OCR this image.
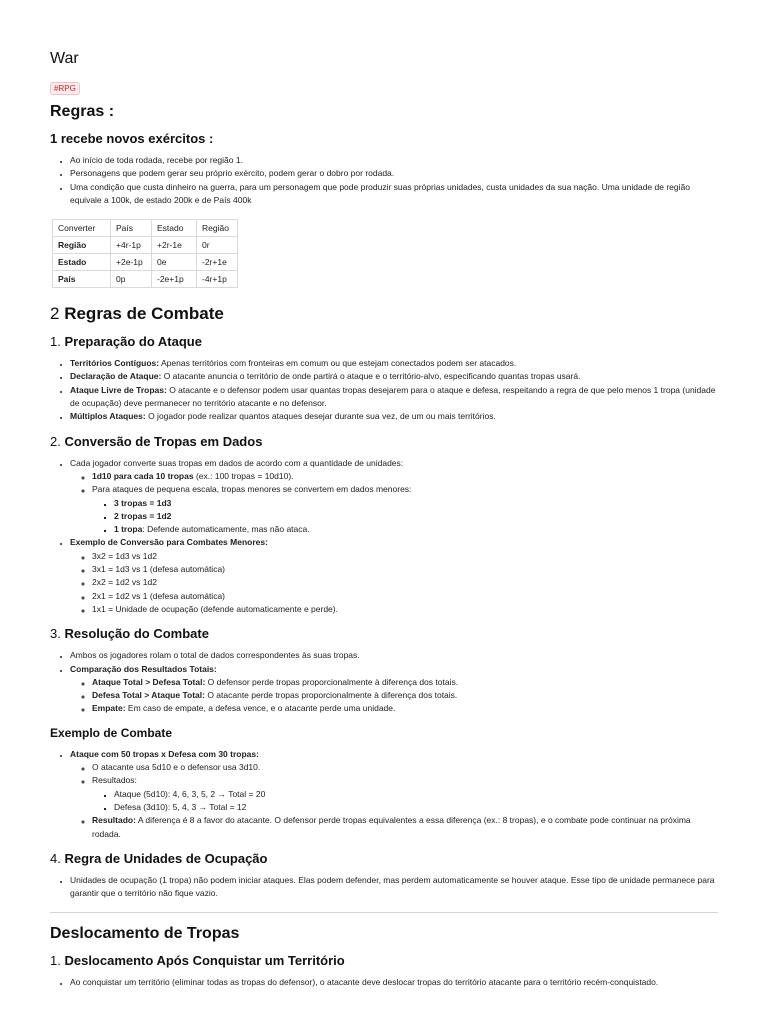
War
#RPG
Regras :
1 recebe novos exércitos :
• Ao início de toda rodada, recebe por região 1.
• Personagens que podem gerar seu próprio exército, podem gerar o dobro por rodada.
• Uma condição que custa dinheiro na guerra, para um personagem que pode produzir suas próprias unidades, custa unidades da sua nação. Uma unidade de região equivale a 100k, de estado 200k e de País 400k
Converter	País	Estado	Região
Região	+4r-1p	+2r-1e	0r
Estado	+2e-1p	0e	-2r+1e
País	0p	-2e+1p	-4r+1p
2 Regras de Combate
1. Preparação do Ataque
• Territórios Contíguos: Apenas territórios com fronteiras em comum ou que estejam conectados podem ser atacados.
• Declaração de Ataque: O atacante anuncia o território de onde partirá o ataque e o território-alvo, especificando quantas tropas usará.
• Ataque Livre de Tropas: O atacante e o defensor podem usar quantas tropas desejarem para o ataque e defesa, respeitando a regra de que pelo menos 1 tropa (unidade de ocupação) deve permanecer no território atacante e no defensor.
• Múltiplos Ataques: O jogador pode realizar quantos ataques desejar durante sua vez, de um ou mais territórios.
2. Conversão de Tropas em Dados
• Cada jogador converte suas tropas em dados de acordo com a quantidade de unidades:
◦ 1d10 para cada 10 tropas (ex.: 100 tropas = 10d10).
◦ Para ataques de pequena escala, tropas menores se convertem em dados menores:
▪ 3 tropas = 1d3
▪ 2 tropas = 1d2
▪ 1 tropa: Defende automaticamente, mas não ataca.
• Exemplo de Conversão para Combates Menores:
◦ 3x2 = 1d3 vs 1d2
◦ 3x1 = 1d3 vs 1 (defesa automática)
◦ 2x2 = 1d2 vs 1d2
◦ 2x1 = 1d2 vs 1 (defesa automática)
◦ 1x1 = Unidade de ocupação (defende automaticamente e perde).
3. Resolução do Combate
• Ambos os jogadores rolam o total de dados correspondentes às suas tropas.
• Comparação dos Resultados Totais:
◦ Ataque Total > Defesa Total: O defensor perde tropas proporcionalmente à diferença dos totais.
◦ Defesa Total > Ataque Total: O atacante perde tropas proporcionalmente à diferença dos totais.
◦ Empate: Em caso de empate, a defesa vence, e o atacante perde uma unidade.
Exemplo de Combate
• Ataque com 50 tropas x Defesa com 30 tropas:
◦ O atacante usa 5d10 e o defensor usa 3d10.
◦ Resultados:
▪ Ataque (5d10): 4, 6, 3, 5, 2 → Total = 20
▪ Defesa (3d10): 5, 4, 3 → Total = 12
◦ Resultado: A diferença é 8 a favor do atacante. O defensor perde tropas equivalentes a essa diferença (ex.: 8 tropas), e o combate pode continuar na próxima rodada.
4. Regra de Unidades de Ocupação
• Unidades de ocupação (1 tropa) não podem iniciar ataques. Elas podem defender, mas perdem automaticamente se houver ataque. Esse tipo de unidade permanece para garantir que o território não fique vazio.
Deslocamento de Tropas
1. Deslocamento Após Conquistar um Território
• Ao conquistar um território (eliminar todas as tropas do defensor), o atacante deve deslocar tropas do território atacante para o território recém-conquistado.
